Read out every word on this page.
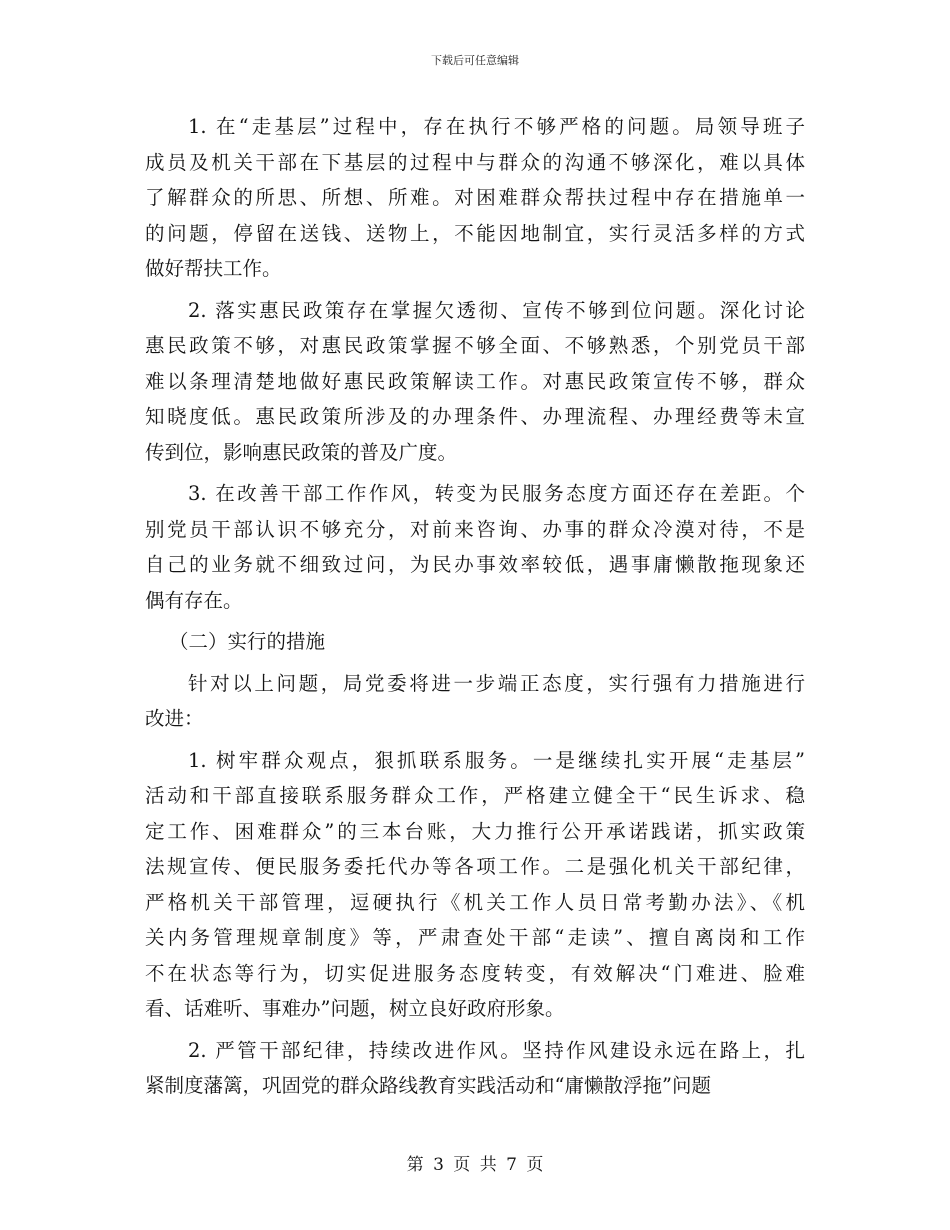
下载后可任意编辑
1. 在“走基层”过程中，存在执行不够严格的问题。局领导班子
成员及机关干部在下基层的过程中与群众的沟通不够深化，难以具体
了解群众的所思、所想、所难。对困难群众帮扶过程中存在措施单一
的问题，停留在送钱、送物上，不能因地制宜，实行灵活多样的方式
做好帮扶工作。
2. 落实惠民政策存在掌握欠透彻、宣传不够到位问题。深化讨论
惠民政策不够，对惠民政策掌握不够全面、不够熟悉，个别党员干部
难以条理清楚地做好惠民政策解读工作。对惠民政策宣传不够，群众
知晓度低。惠民政策所涉及的办理条件、办理流程、办理经费等未宣
传到位，影响惠民政策的普及广度。
3. 在改善干部工作作风，转变为民服务态度方面还存在差距。个
别党员干部认识不够充分，对前来咨询、办事的群众冷漠对待，不是
自己的业务就不细致过问，为民办事效率较低，遇事庸懒散拖现象还
偶有存在。
（二）实行的措施
针对以上问题，局党委将进一步端正态度，实行强有力措施进行
改进：
1. 树牢群众观点，狠抓联系服务。一是继续扎实开展“走基层”
活动和干部直接联系服务群众工作，严格建立健全干“民生诉求、稳
定工作、困难群众”的三本台账，大力推行公开承诺践诺，抓实政策
法规宣传、便民服务委托代办等各项工作。二是强化机关干部纪律，
严格机关干部管理，逗硬执行《机关工作人员日常考勤办法》、《机
关内务管理规章制度》等，严肃查处干部“走读”、擅自离岗和工作
不在状态等行为，切实促进服务态度转变，有效解决“门难进、脸难
看、话难听、事难办”问题，树立良好政府形象。
2. 严管干部纪律，持续改进作风。坚持作风建设永远在路上，扎
紧制度藩篱，巩固党的群众路线教育实践活动和“庸懒散浮拖”问题
第 3 页 共 7 页
